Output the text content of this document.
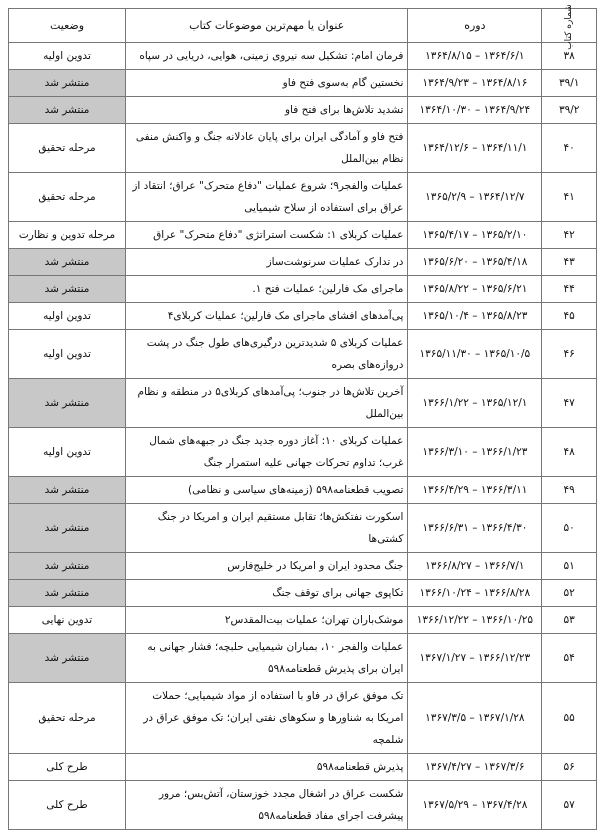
شماره کتاب	دوره	عنوان یا مهم‌ترین موضوعات کتاب	وضعیت
۳۸	۱۳۶۴/۸/۱۵ – ۱۳۶۴/۶/۱	فرمان امام: تشکیل سه نیروی زمینی، هوایی، دریایی در سپاه	تدوین اولیه
۳۹/۱	۱۳۶۴/۹/۲۳ – ۱۳۶۴/۸/۱۶	نخستین گام به‌سوی فتح فاو	منتشر شد
۳۹/۲	۱۳۶۴/۱۰/۳۰ – ۱۳۶۴/۹/۲۴	تشدید تلاش‌ها برای فتح فاو	منتشر شد
۴۰	۱۳۶۴/۱۲/۶ – ۱۳۶۴/۱۱/۱	فتح فاو و آمادگی ایران برای پایان عادلانه جنگ و واکنش منفی نظام بین‌الملل	مرحله تحقیق
۴۱	۱۳۶۵/۲/۹ – ۱۳۶۴/۱۲/۷	عملیات والفجر۹؛ شروع عملیات "دفاع متحرک" عراق؛ انتقاد از عراق برای استفاده از سلاح شیمیایی	مرحله تحقیق
۴۲	۱۳۶۵/۴/۱۷ – ۱۳۶۵/۲/۱۰	عملیات کربلای ۱: شکست استراتژی "دفاع متحرک" عراق	مرحله تدوین و نظارت
۴۳	۱۳۶۵/۶/۲۰ – ۱۳۶۵/۴/۱۸	در تدارک عملیات سرنوشت‌ساز	منتشر شد
۴۴	۱۳۶۵/۸/۲۲ – ۱۳۶۵/۶/۲۱	ماجرای مک فارلین؛ عملیات فتح ۱.	منتشر شد
۴۵	۱۳۶۵/۱۰/۴ – ۱۳۶۵/۸/۲۳	پی‌آمدهای افشای ماجرای مک فارلین؛ عملیات کربلای۴	تدوین اولیه
۴۶	۱۳۶۵/۱۱/۳۰ – ۱۳۶۵/۱۰/۵	عملیات کربلای ۵ شدیدترین درگیری‌های طول جنگ در پشت دروازه‌های بصره	تدوین اولیه
۴۷	۱۳۶۶/۱/۲۲ – ۱۳۶۵/۱۲/۱	آخرین تلاش‌ها در جنوب؛ پی‌آمدهای کربلای۵ در منطقه و نظام بین‌الملل	منتشر شد
۴۸	۱۳۶۶/۳/۱۰ – ۱۳۶۶/۱/۲۳	عملیات کربلای ۱۰: آغاز دوره جدید جنگ در جبهه‌های شمال غرب؛ تداوم تحرکات جهانی علیه استمرار جنگ	تدوین اولیه
۴۹	۱۳۶۶/۴/۲۹ – ۱۳۶۶/۳/۱۱	تصویب قطعنامه۵۹۸ (زمینه‌های سیاسی و نظامی)	منتشر شد
۵۰	۱۳۶۶/۶/۳۱ – ۱۳۶۶/۴/۳۰	اسکورت نفتکش‌ها؛ تقابل مستقیم ایران و امریکا در جنگ کشتی‌ها	منتشر شد
۵۱	۱۳۶۶/۸/۲۷ – ۱۳۶۶/۷/۱	جنگ محدود ایران و امریکا در خلیج‌فارس	منتشر شد
۵۲	۱۳۶۶/۱۰/۲۴ – ۱۳۶۶/۸/۲۸	تکاپوی جهانی برای توقف جنگ	منتشر شد
۵۳	۱۳۶۶/۱۲/۲۲ – ۱۳۶۶/۱۰/۲۵	موشک‌باران تهران؛ عملیات بیت‌المقدس۲	تدوین نهایی
۵۴	۱۳۶۷/۱/۲۷ – ۱۳۶۶/۱۲/۲۳	عملیات والفجر ۱۰، بمباران شیمیایی حلبچه؛ فشار جهانی به ایران برای پذیرش قطعنامه۵۹۸	منتشر شد
۵۵	۱۳۶۷/۳/۵ – ۱۳۶۷/۱/۲۸	تک موفق عراق در فاو با استفاده از مواد شیمیایی؛ حملات امریکا به شناورها و سکوهای نفتی ایران؛ تک موفق عراق در شلمچه	مرحله تحقیق
۵۶	۱۳۶۷/۴/۲۷ – ۱۳۶۷/۳/۶	پذیرش قطعنامه۵۹۸	طرح کلی
۵۷	۱۳۶۷/۵/۲۹ – ۱۳۶۷/۴/۲۸	شکست عراق در اشغال مجدد خوزستان، آتش‌بس؛ مرور پیشرفت اجرای مفاد قطعنامه۵۹۸	طرح کلی
